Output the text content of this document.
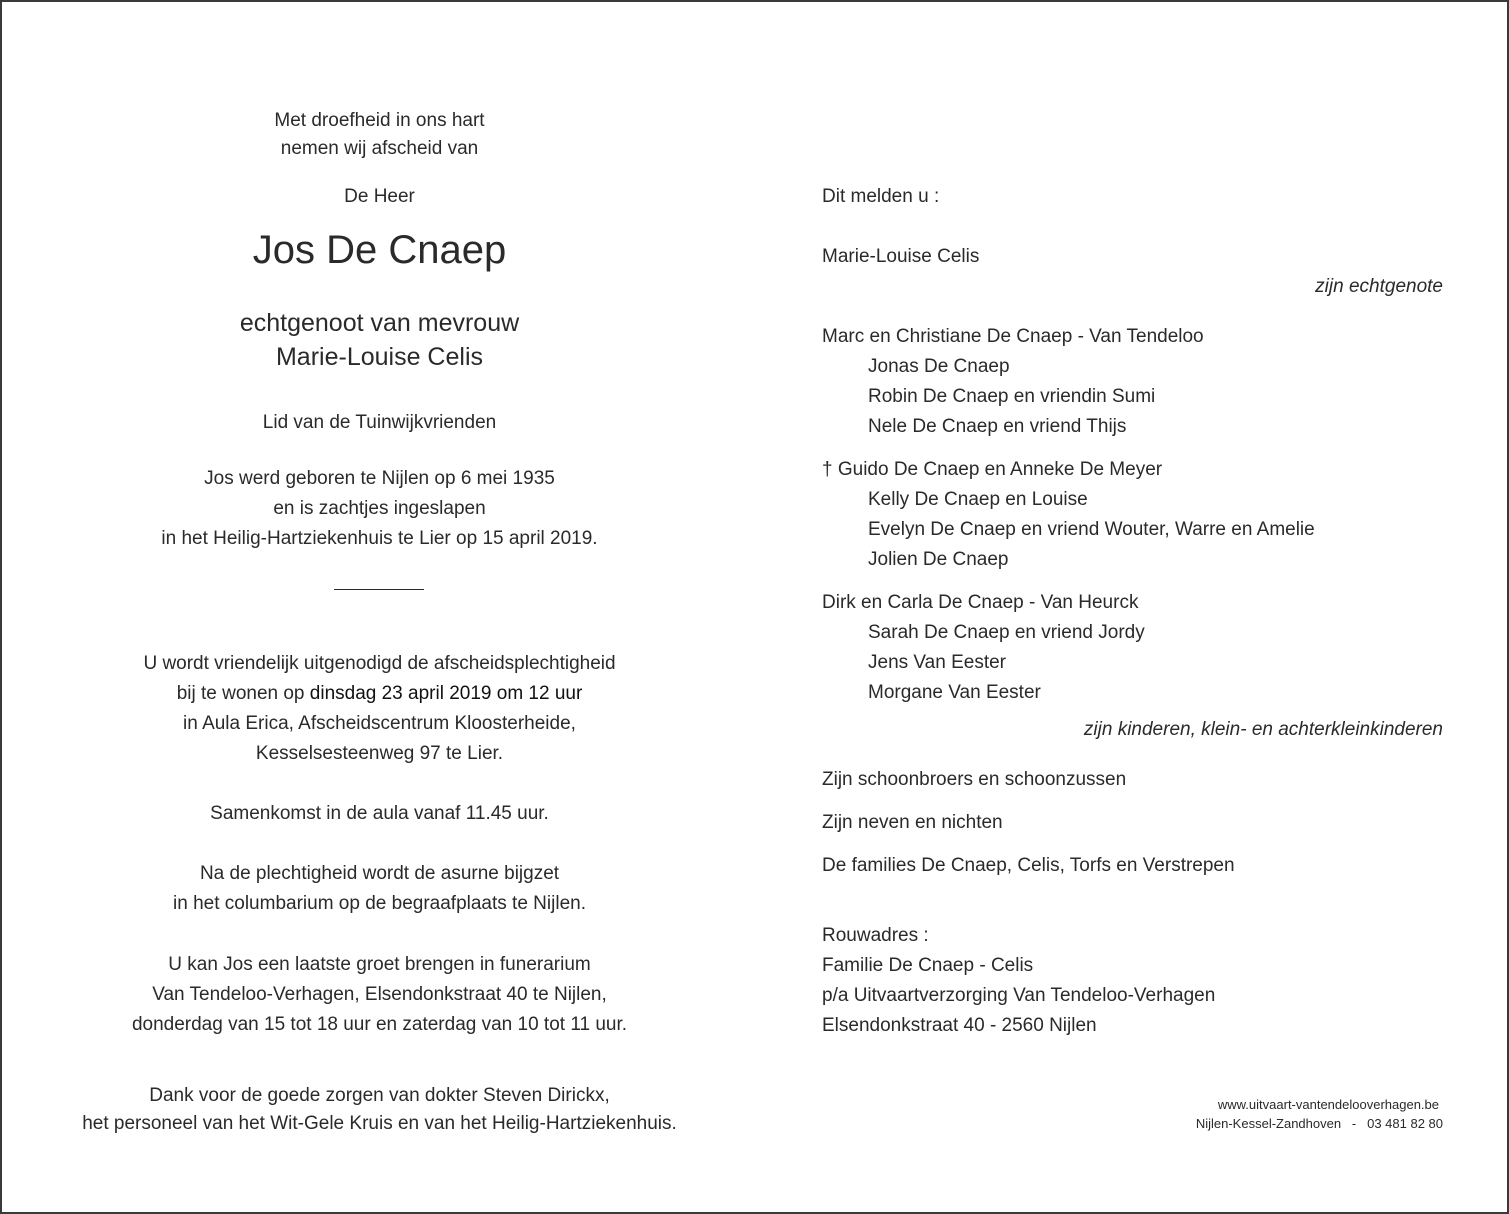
Met droefheid in ons hart
nemen wij afscheid van
De Heer
Jos De Cnaep
echtgenoot van mevrouw
Marie-Louise Celis
Lid van de Tuinwijkvrienden
Jos werd geboren te Nijlen op 6 mei 1935
en is zachtjes ingeslapen
in het Heilig-Hartziekenhuis te Lier op 15 april 2019.
U wordt vriendelijk uitgenodigd de afscheidsplechtigheid
bij te wonen op dinsdag 23 april 2019 om 12 uur
in Aula Erica, Afscheidscentrum Kloosterheide,
Kesselsesteenweg 97 te Lier.
Samenkomst in de aula vanaf 11.45 uur.
Na de plechtigheid wordt de asurne bijgzet
in het columbarium op de begraafplaats te Nijlen.
U kan Jos een laatste groet brengen in funerarium
Van Tendeloo-Verhagen, Elsendonkstraat 40 te Nijlen,
donderdag van 15 tot 18 uur en zaterdag van 10 tot 11 uur.
Dank voor de goede zorgen van dokter Steven Dirickx,
het personeel van het Wit-Gele Kruis en van het Heilig-Hartziekenhuis.
Dit melden u :
Marie-Louise Celis
zijn echtgenote
Marc en Christiane De Cnaep - Van Tendeloo
Jonas De Cnaep
Robin De Cnaep en vriendin Sumi
Nele De Cnaep en vriend Thijs
† Guido De Cnaep en Anneke De Meyer
Kelly De Cnaep en Louise
Evelyn De Cnaep en vriend Wouter, Warre en Amelie
Jolien De Cnaep
Dirk en Carla De Cnaep - Van Heurck
Sarah De Cnaep en vriend Jordy
Jens Van Eester
Morgane Van Eester
zijn kinderen, klein- en achterkleinkinderen
Zijn schoonbroers en schoonzussen
Zijn neven en nichten
De families De Cnaep, Celis, Torfs en Verstrepen
Rouwadres :
Familie De Cnaep - Celis
p/a Uitvaartverzorging Van Tendeloo-Verhagen
Elsendonkstraat 40 - 2560 Nijlen
www.uitvaart-vantendelooverhagen.be
Nijlen-Kessel-Zandhoven   -   03 481 82 80
